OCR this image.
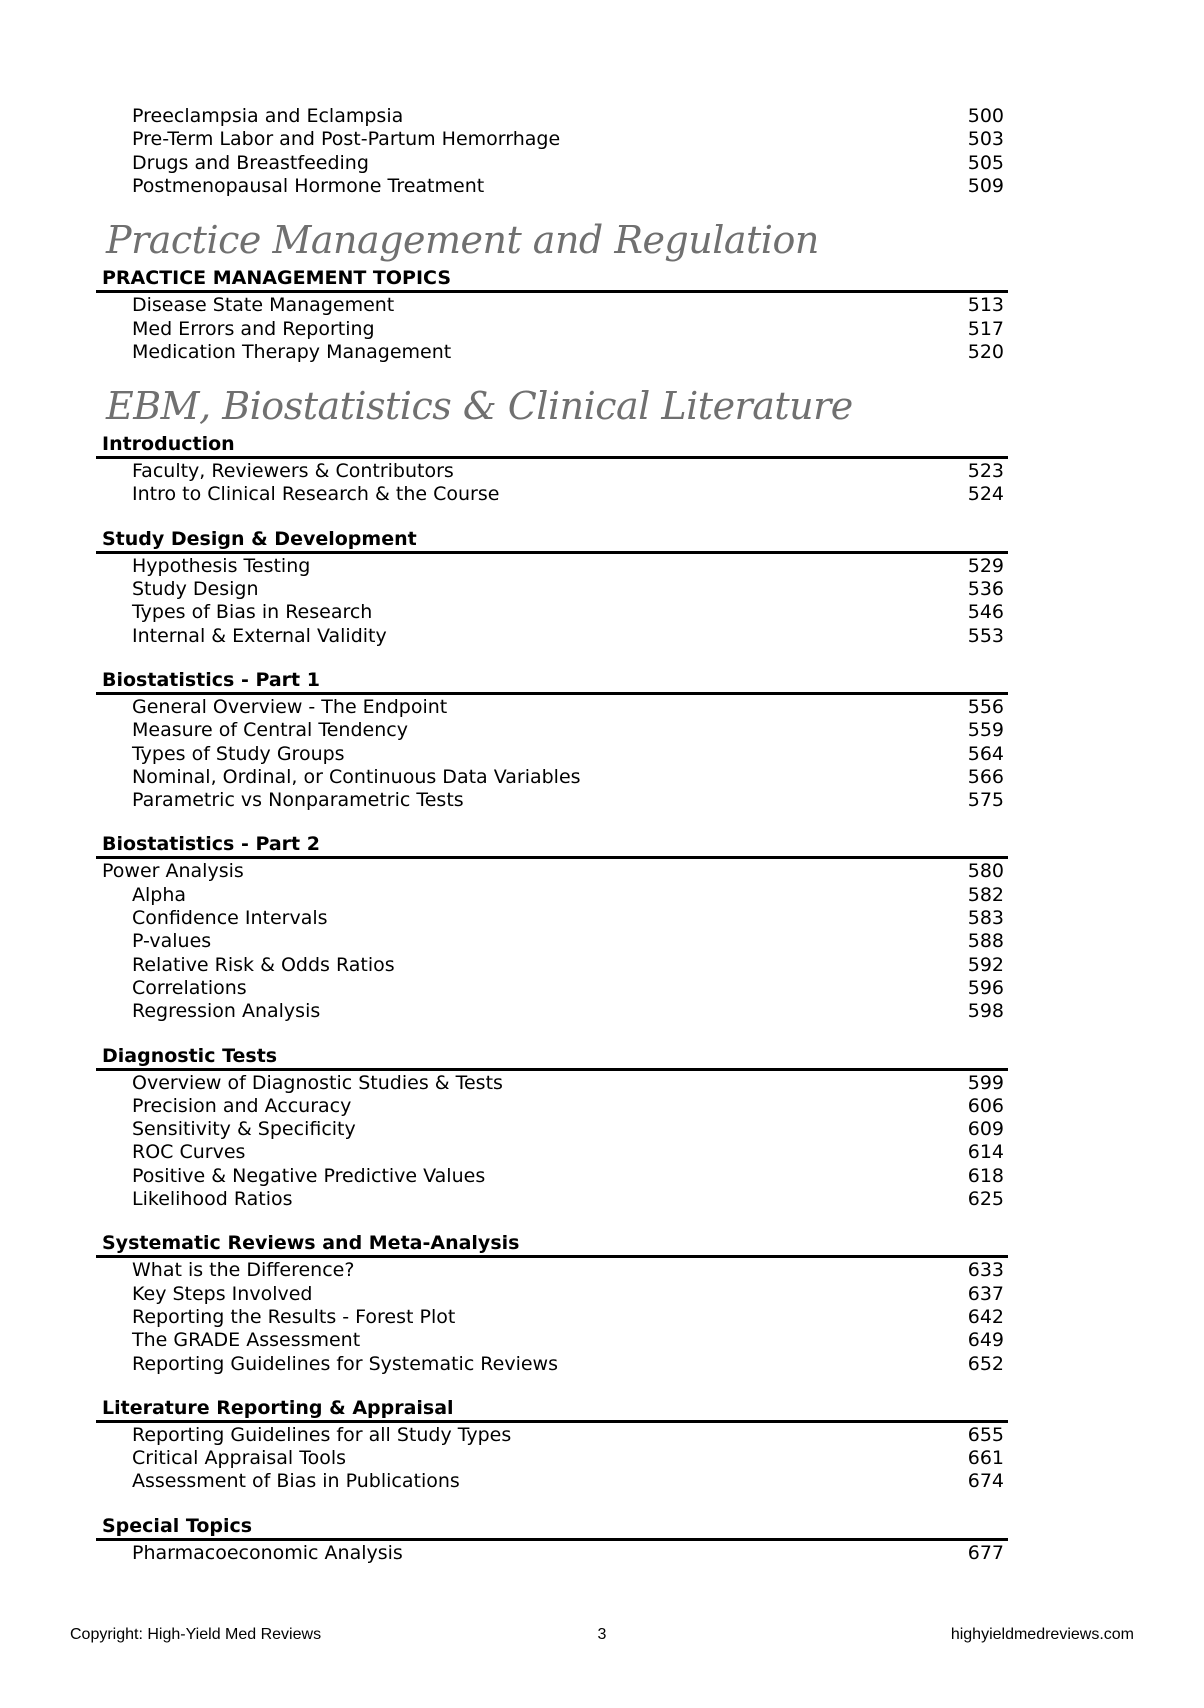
Preeclampsia and Eclampsia	500
Pre-Term Labor and Post-Partum Hemorrhage	503
Drugs and Breastfeeding	505
Postmenopausal Hormone Treatment	509
Practice Management and Regulation
PRACTICE MANAGEMENT TOPICS
Disease State Management	513
Med Errors and Reporting	517
Medication Therapy Management	520
EBM, Biostatistics & Clinical Literature
Introduction
Faculty, Reviewers & Contributors	523
Intro to Clinical Research & the Course	524
Study Design & Development
Hypothesis Testing	529
Study Design	536
Types of Bias in Research	546
Internal & External Validity	553
Biostatistics - Part 1
General Overview - The Endpoint	556
Measure of Central Tendency	559
Types of Study Groups	564
Nominal, Ordinal, or Continuous Data Variables	566
Parametric vs Nonparametric Tests	575
Biostatistics - Part 2
Power Analysis	580
Alpha	582
Confidence Intervals	583
P-values	588
Relative Risk & Odds Ratios	592
Correlations	596
Regression Analysis	598
Diagnostic Tests
Overview of Diagnostic Studies & Tests	599
Precision and Accuracy	606
Sensitivity & Specificity	609
ROC Curves	614
Positive & Negative Predictive Values	618
Likelihood Ratios	625
Systematic Reviews and Meta-Analysis
What is the Difference?	633
Key Steps Involved	637
Reporting the Results - Forest Plot	642
The GRADE Assessment	649
Reporting Guidelines for Systematic Reviews	652
Literature Reporting & Appraisal
Reporting Guidelines for all Study Types	655
Critical Appraisal Tools	661
Assessment of Bias in Publications	674
Special Topics
Pharmacoeconomic Analysis	677
Copyright: High-Yield Med Reviews	3	highyieldmedreviews.com
